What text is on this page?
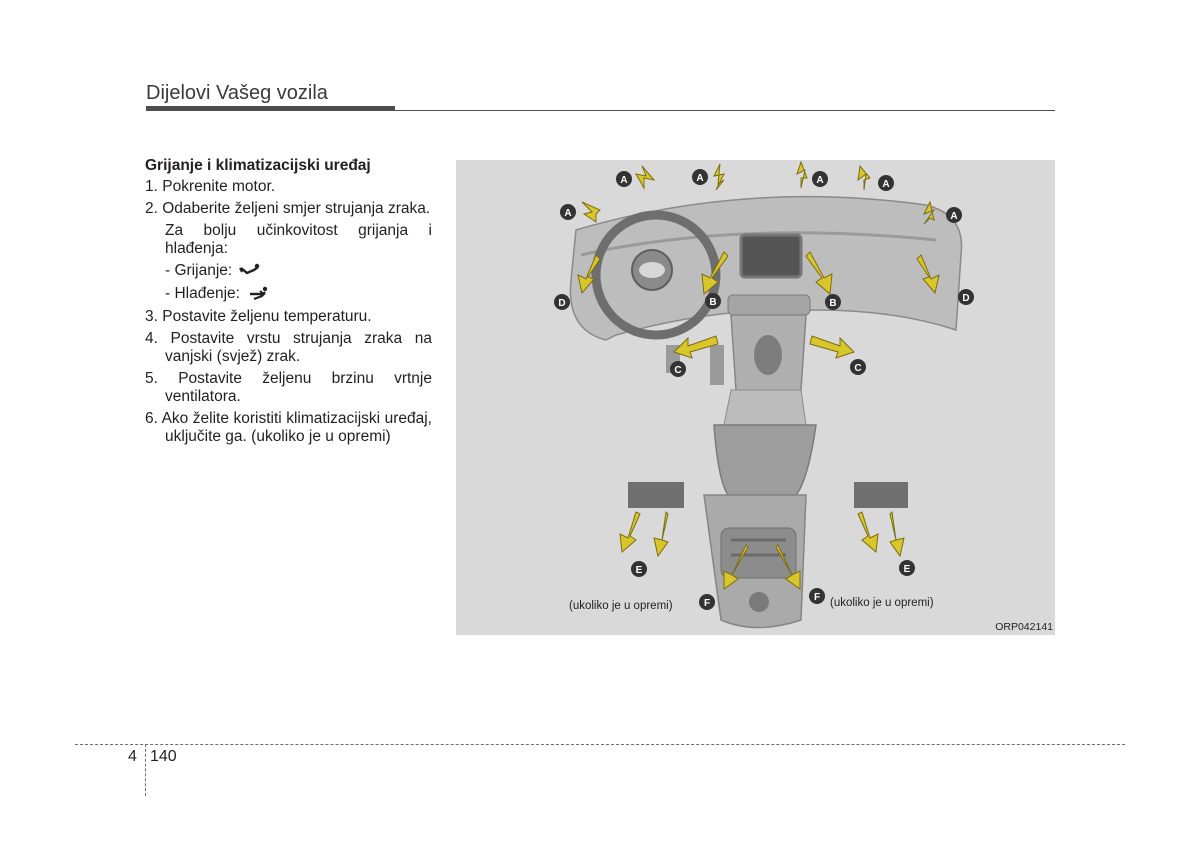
Dijelovi Vašeg vozila
Grijanje i klimatizacijski uređaj
1. Pokrenite motor.
2. Odaberite željeni smjer strujanja zraka.
Za bolju učinkovitost grijanja i hlađenja:
- Grijanje:
- Hlađenje:
3. Postavite željenu temperaturu.
4. Postavite vrstu strujanja zraka na vanjski (svjež) zrak.
5. Postavite željenu brzinu vrtnje ventilatora.
6. Ako želite koristiti klimatizacijski uređaj, uključite ga. (ukoliko je u opremi)
A	A	A	A
A	A
D	D
B	B
C	C
E	E
F
F
(ukoliko je u opremi)	(ukoliko je u opremi)
ORP042141
4 140
